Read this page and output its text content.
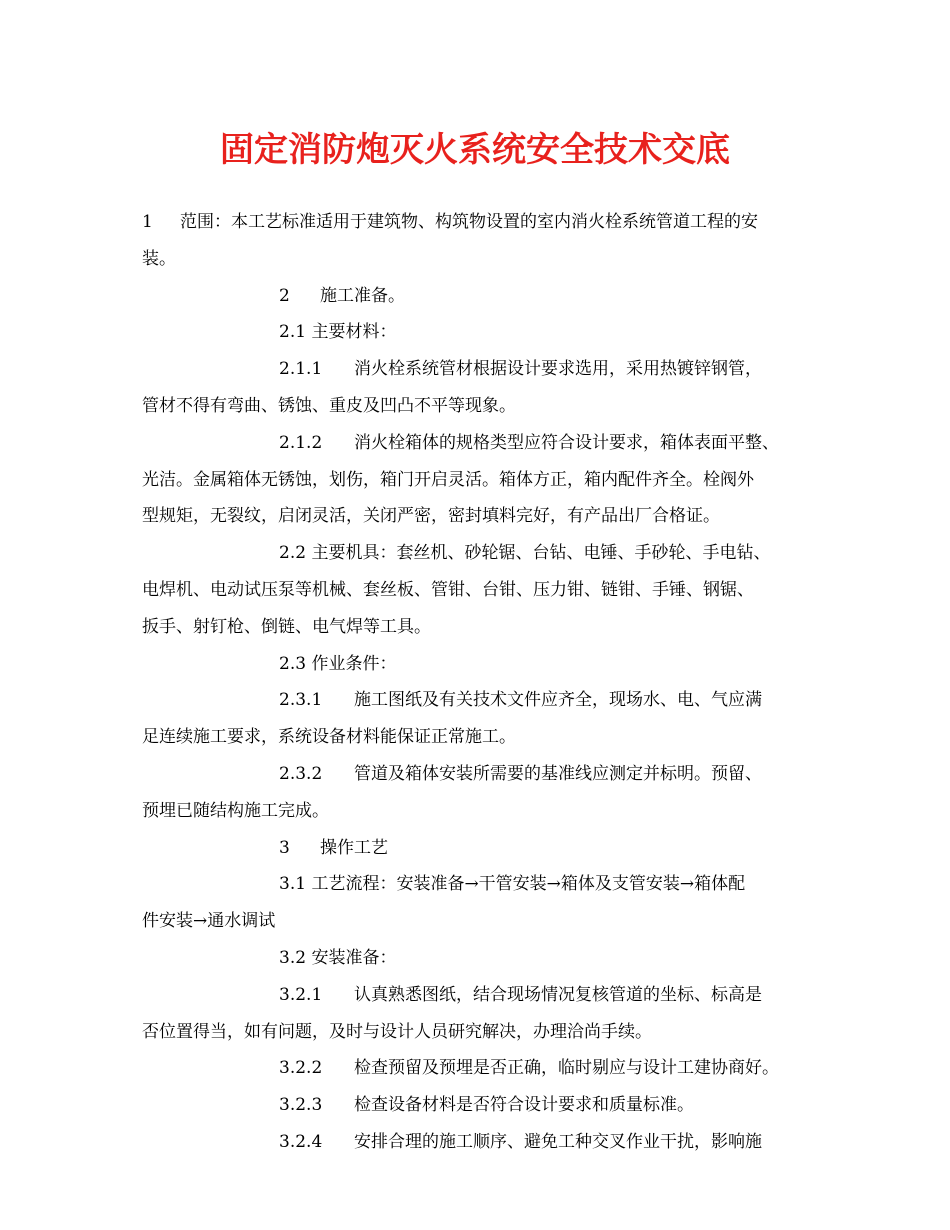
固定消防炮灭火系统安全技术交底
1 范围：本工艺标准适用于建筑物、构筑物设置的室内消火栓系统管道工程的安
装。
2 施工准备。
2.1 主要材料：
2.1.1 消火栓系统管材根据设计要求选用，采用热镀锌钢管，
管材不得有弯曲、锈蚀、重皮及凹凸不平等现象。
2.1.2 消火栓箱体的规格类型应符合设计要求，箱体表面平整、
光洁。金属箱体无锈蚀，划伤，箱门开启灵活。箱体方正，箱内配件齐全。栓阀外
型规矩，无裂纹，启闭灵活，关闭严密，密封填料完好，有产品出厂合格证。
2.2 主要机具：套丝机、砂轮锯、台钻、电锤、手砂轮、手电钻、
电焊机、电动试压泵等机械、套丝板、管钳、台钳、压力钳、链钳、手锤、钢锯、
扳手、射钉枪、倒链、电气焊等工具。
2.3 作业条件：
2.3.1 施工图纸及有关技术文件应齐全，现场水、电、气应满
足连续施工要求，系统设备材料能保证正常施工。
2.3.2 管道及箱体安装所需要的基准线应测定并标明。预留、
预埋已随结构施工完成。
3 操作工艺
3.1 工艺流程：安装准备→干管安装→箱体及支管安装→箱体配
件安装→通水调试
3.2 安装准备：
3.2.1 认真熟悉图纸，结合现场情况复核管道的坐标、标高是
否位置得当，如有问题，及时与设计人员研究解决，办理洽尚手续。
3.2.2 检查预留及预埋是否正确，临时剔应与设计工建协商好。
3.2.3 检查设备材料是否符合设计要求和质量标准。
3.2.4 安排合理的施工顺序、避免工种交叉作业干扰，影响施
